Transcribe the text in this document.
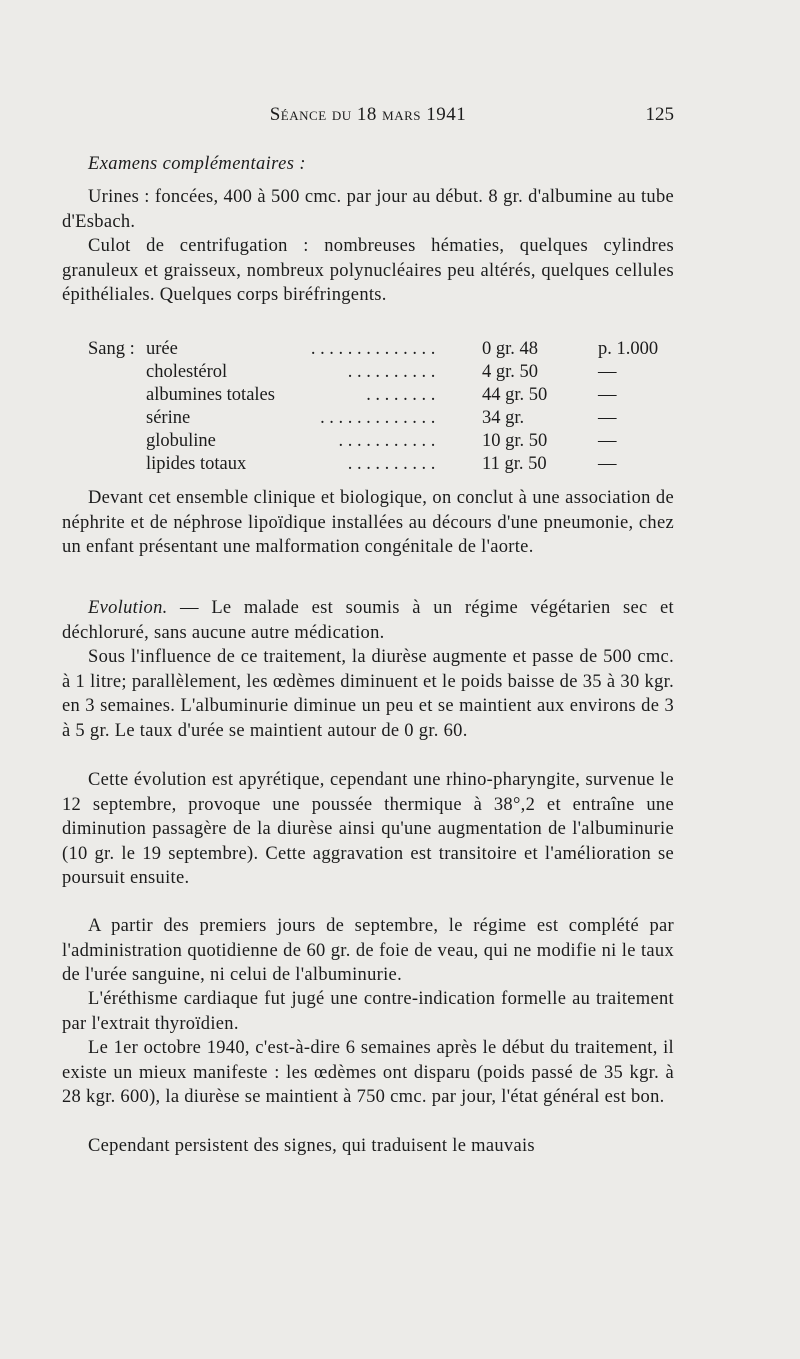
Séance du 18 mars 1941	125
Examens complémentaires :

Urines : foncées, 400 à 500 cmc. par jour au début. 8 gr. d'albumine au tube d'Esbach.

Culot de centrifugation : nombreuses hématies, quelques cylindres granuleux et graisseux, nombreux polynucléaires peu altérés, quelques cellules épithéliales. Quelques corps biréfringents.

Sang : urée	.............. 0 gr. 48	p. 1.000
cholestérol	.......... 4 gr. 50	—
albumines totales	........ 44 gr. 50	—
sérine	............. 34 gr.	—
globuline	........... 10 gr. 50	—
lipides totaux	.......... 11 gr. 50	—

Devant cet ensemble clinique et biologique, on conclut à une association de néphrite et de néphrose lipoïdique installées au décours d'une pneumonie, chez un enfant présentant une malformation congénitale de l'aorte.

Evolution. — Le malade est soumis à un régime végétarien sec et déchloruré, sans aucune autre médication.

Sous l'influence de ce traitement, la diurèse augmente et passe de 500 cmc. à 1 litre; parallèlement, les œdèmes diminuent et le poids baisse de 35 à 30 kgr. en 3 semaines. L'albuminurie diminue un peu et se maintient aux environs de 3 à 5 gr. Le taux d'urée se maintient autour de 0 gr. 60.

Cette évolution est apyrétique, cependant une rhino-pharyngite, survenue le 12 septembre, provoque une poussée thermique à 38°,2 et entraîne une diminution passagère de la diurèse ainsi qu'une augmentation de l'albuminurie (10 gr. le 19 septembre). Cette aggravation est transitoire et l'amélioration se poursuit ensuite.

A partir des premiers jours de septembre, le régime est complété par l'administration quotidienne de 60 gr. de foie de veau, qui ne modifie ni le taux de l'urée sanguine, ni celui de l'albuminurie.

L'éréthisme cardiaque fut jugé une contre-indication formelle au traitement par l'extrait thyroïdien.

Le 1er octobre 1940, c'est-à-dire 6 semaines après le début du traitement, il existe un mieux manifeste : les œdèmes ont disparu (poids passé de 35 kgr. à 28 kgr. 600), la diurèse se maintient à 750 cmc. par jour, l'état général est bon.

Cependant persistent des signes, qui traduisent le mauvais
